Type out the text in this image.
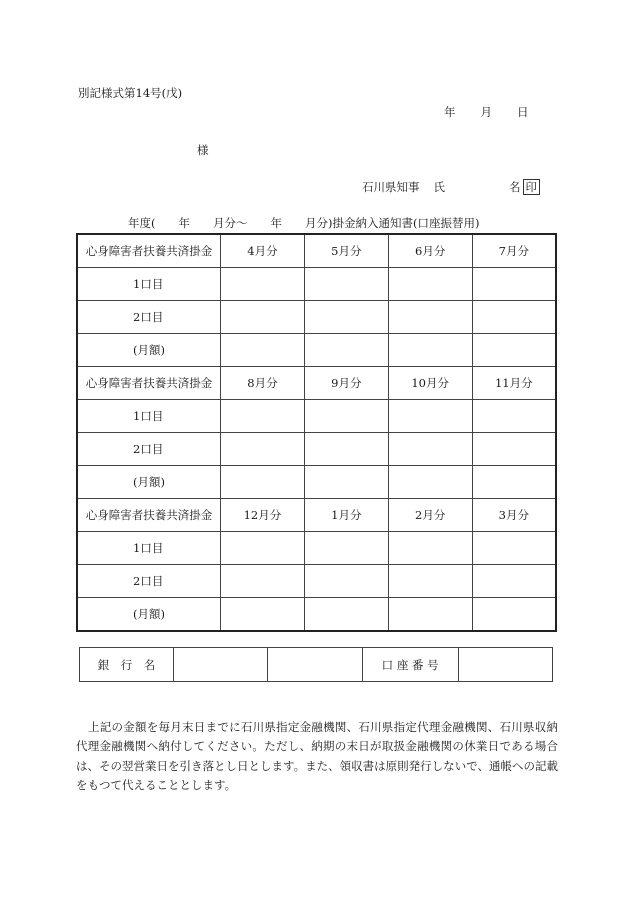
別記様式第14号(戊)
年 月 日
様
石川県知事 氏	名 印
年度(　　年　　月分〜　　年　　月分)掛金納入通知書(口座振替用)
心身障害者扶養共済掛金	4月分	5月分	6月分	7月分
1口目				
2口目				
(月額)				
心身障害者扶養共済掛金	8月分	9月分	10月分	11月分
1口目				
2口目				
(月額)				
心身障害者扶養共済掛金	12月分	1月分	2月分	3月分
1口目				
2口目				
(月額)				
銀　行　名			口 座 番 号	
上記の金額を毎月末日までに石川県指定金融機関、石川県指定代理金融機関、石川県収納代理金融機関へ納付してください。ただし、納期の末日が取扱金融機関の休業日である場合は、その翌営業日を引き落とし日とします。また、領収書は原則発行しないで、通帳への記載をもつて代えることとします。
